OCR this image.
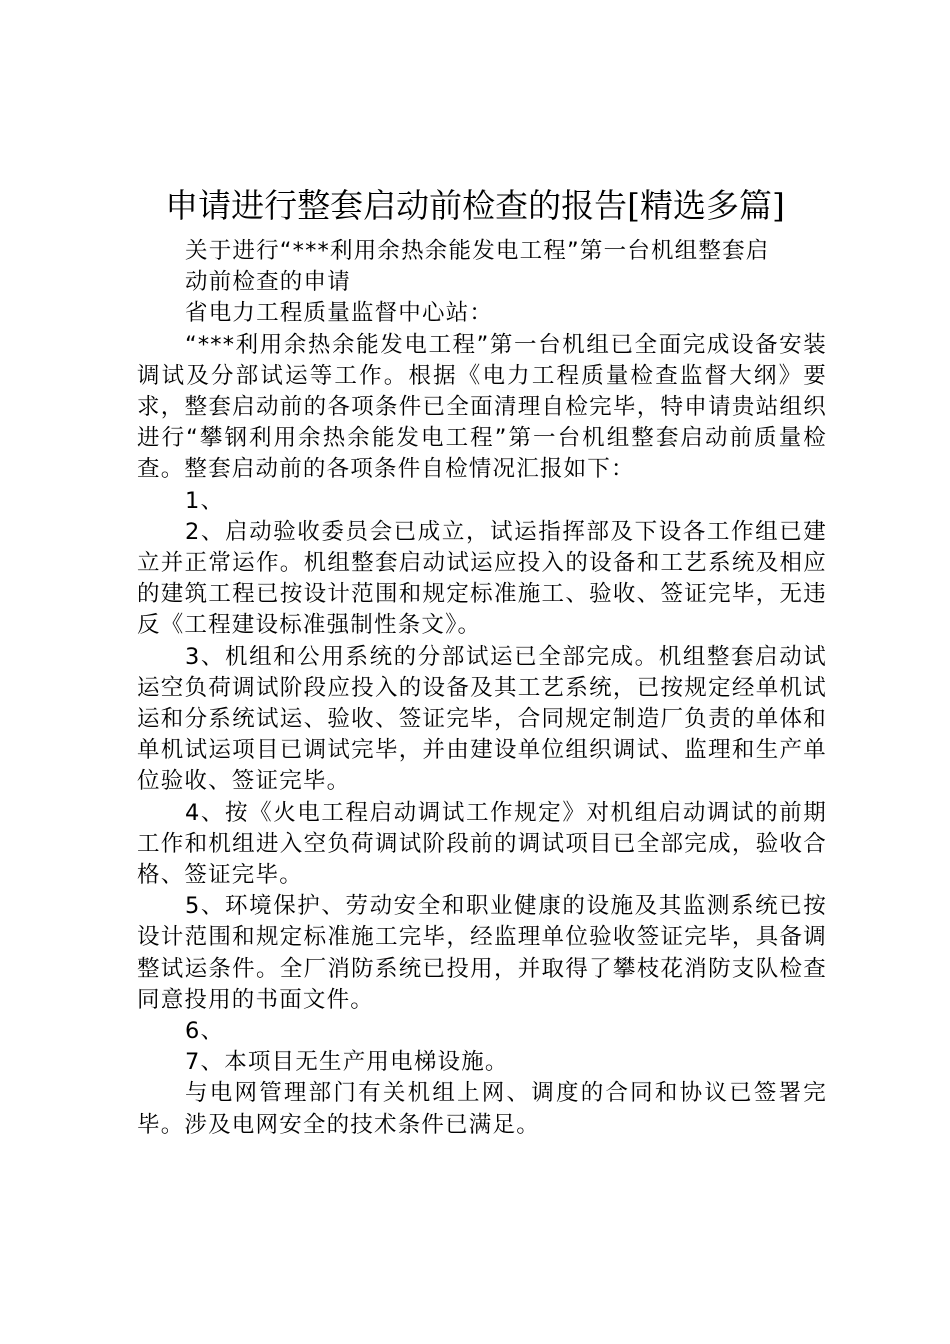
申请进行整套启动前检查的报告[精选多篇]

关于进行“***利用余热余能发电工程”第一台机组整套启

动前检查的申请

省电力工程质量监督中心站：

“***利用余热余能发电工程”第一台机组已全面完成设备安装调试及分部试运等工作。根据《电力工程质量检查监督大纲》要求，整套启动前的各项条件已全面清理自检完毕，特申请贵站组织进行“攀钢利用余热余能发电工程”第一台机组整套启动前质量检查。整套启动前的各项条件自检情况汇报如下：

1、

2、启动验收委员会已成立，试运指挥部及下设各工作组已建立并正常运作。机组整套启动试运应投入的设备和工艺系统及相应的建筑工程已按设计范围和规定标准施工、验收、签证完毕，无违反《工程建设标准强制性条文》。

3、机组和公用系统的分部试运已全部完成。机组整套启动试运空负荷调试阶段应投入的设备及其工艺系统，已按规定经单机试运和分系统试运、验收、签证完毕，合同规定制造厂负责的单体和单机试运项目已调试完毕，并由建设单位组织调试、监理和生产单位验收、签证完毕。

4、按《火电工程启动调试工作规定》对机组启动调试的前期工作和机组进入空负荷调试阶段前的调试项目已全部完成，验收合格、签证完毕。

5、环境保护、劳动安全和职业健康的设施及其监测系统已按设计范围和规定标准施工完毕，经监理单位验收签证完毕，具备调整试运条件。全厂消防系统已投用，并取得了攀枝花消防支队检查同意投用的书面文件。

6、

7、本项目无生产用电梯设施。

与电网管理部门有关机组上网、调度的合同和协议已签署完毕。涉及电网安全的技术条件已满足。
